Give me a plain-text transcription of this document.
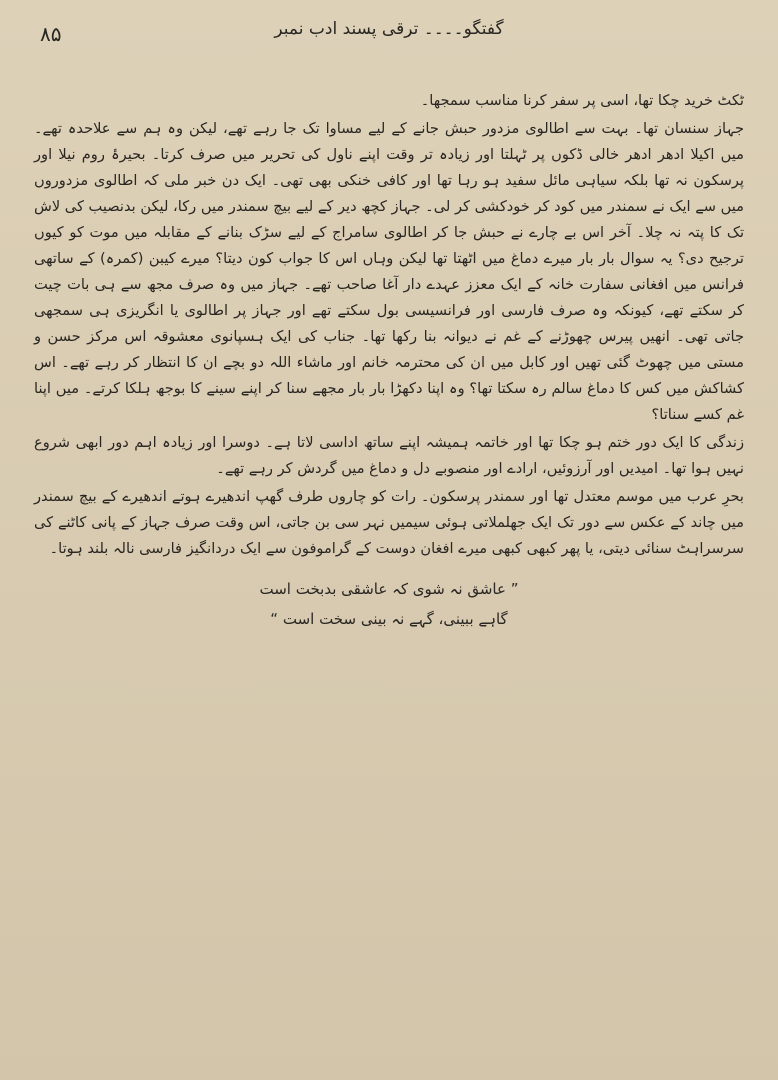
۸۵	گفتگو۔۔۔۔ ترقی پسند ادب نمبر

ٹکٹ خرید چکا تھا، اسی پر سفر کرنا مناسب سمجھا۔

جہاز سنسان تھا۔ بہت سے اطالوی مزدور حبش جانے کے لیے مساوا تک جا رہے تھے، لیکن وہ ہم سے علاحدہ تھے۔ میں اکیلا ادھر ادھر خالی ڈکوں پر ٹہلتا اور زیادہ تر وقت اپنے ناول کی تحریر میں صرف کرتا۔ بحیرۂ روم نیلا اور پرسکون نہ تھا بلکہ سیاہی مائل سفید ہو رہا تھا اور کافی خنکی بھی تھی۔ ایک دن خبر ملی کہ اطالوی مزدوروں میں سے ایک نے سمندر میں کود کر خودکشی کر لی۔ جہاز کچھ دیر کے لیے بیچ سمندر میں رکا، لیکن بدنصیب کی لاش تک کا پتہ نہ چلا۔ آخر اس بے چارے نے حبش جا کر اطالوی سامراج کے لیے سڑک بنانے کے مقابلہ میں موت کو کیوں ترجیح دی؟ یہ سوال بار بار میرے دماغ میں اٹھتا تھا لیکن وہاں اس کا جواب کون دیتا؟ میرے کیبن (کمرہ) کے ساتھی فرانس میں افغانی سفارت خانہ کے ایک معزز عہدے دار آغا صاحب تھے۔ جہاز میں وہ صرف مجھ سے ہی بات چیت کر سکتے تھے، کیونکہ وہ صرف فارسی اور فرانسیسی بول سکتے تھے اور جہاز پر اطالوی یا انگریزی ہی سمجھی جاتی تھی۔ انھیں پیرس چھوڑنے کے غم نے دیوانہ بنا رکھا تھا۔ جناب کی ایک ہسپانوی معشوقہ اس مرکز حسن و مستی میں چھوٹ گئی تھیں اور کابل میں ان کی محترمہ خانم اور ماشاء اللہ دو بچے ان کا انتظار کر رہے تھے۔ اس کشاکش میں کس کا دماغ سالم رہ سکتا تھا؟ وہ اپنا دکھڑا بار بار مجھے سنا کر اپنے سینے کا بوجھ ہلکا کرتے۔ میں اپنا غم کسے سناتا؟

زندگی کا ایک دور ختم ہو چکا تھا اور خاتمہ ہمیشہ اپنے ساتھ اداسی لاتا ہے۔ دوسرا اور زیادہ اہم دور ابھی شروع نہیں ہوا تھا۔ امیدیں اور آرزوئیں، ارادے اور منصوبے دل و دماغ میں گردش کر رہے تھے۔

بحرِ عرب میں موسم معتدل تھا اور سمندر پرسکون۔ رات کو چاروں طرف گھپ اندھیرے ہوتے اندھیرے کے بیچ سمندر میں چاند کے عکس سے دور تک ایک جھلملاتی ہوئی سیمیں نہر سی بن جاتی، اس وقت صرف جہاز کے پانی کاٹنے کی سرسراہٹ سنائی دیتی، یا پھر کبھی کبھی میرے افغان دوست کے گراموفون سے ایک دردانگیز فارسی نالہ بلند ہوتا۔

” عاشق نہ شوی کہ عاشقی بدبخت است
گاہے ببینی، گہے نہ بینی سخت است “
